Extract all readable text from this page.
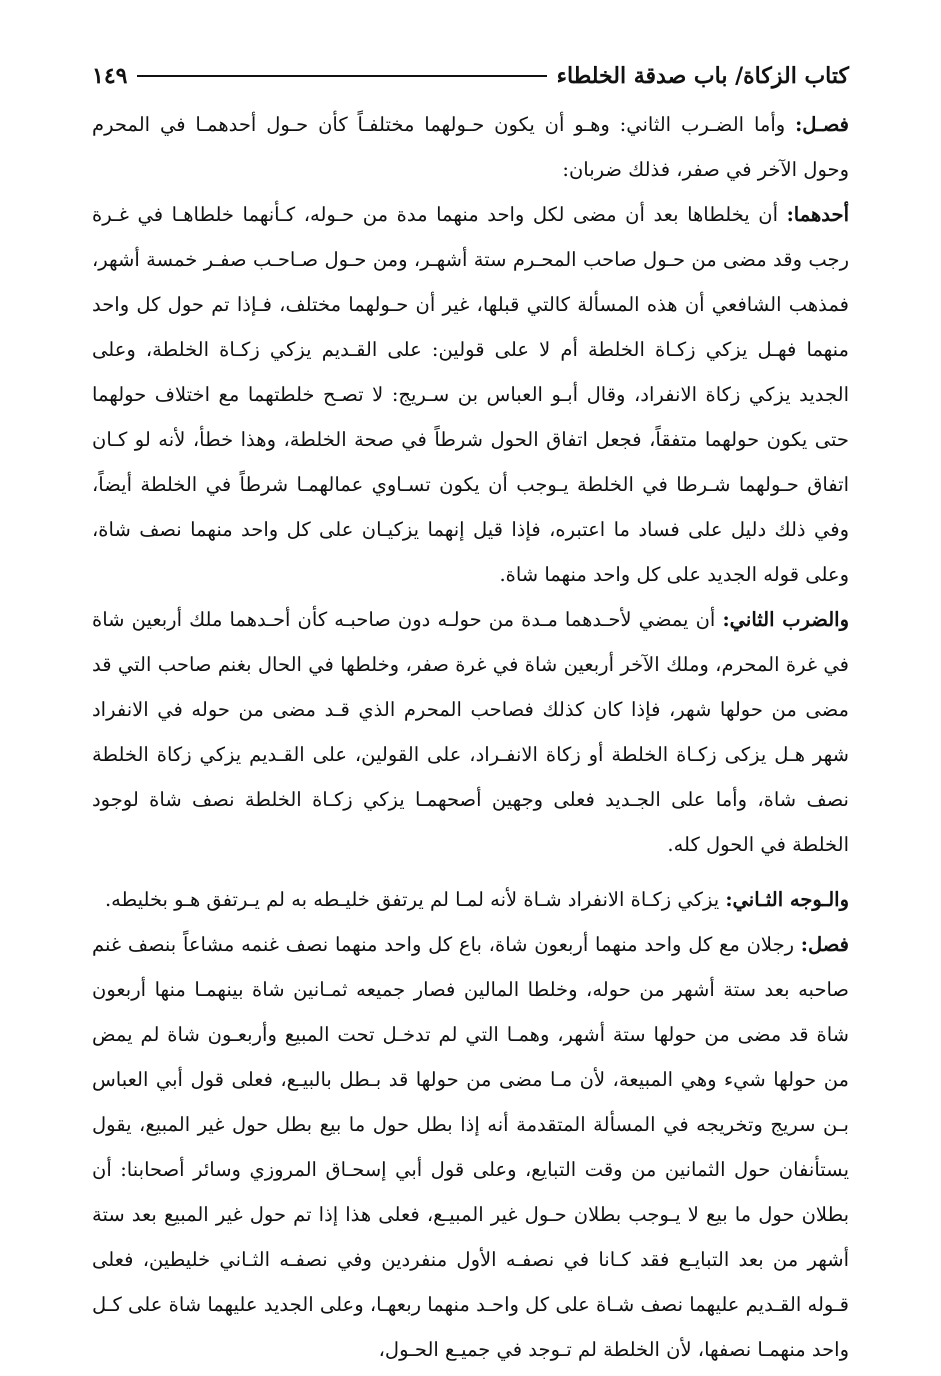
كتاب الزكاة/ باب صدقة الخلطاء
١٤٩

فصـل: وأما الضـرب الثاني: وهـو أن يكون حـولهما مختلفـاً كأن حـول أحدهمـا في المحرم وحول الآخر في صفر، فذلك ضربان:

أحدهما: أن يخلطاها بعد أن مضى لكل واحد منهما مدة من حـوله، كـأنهما خلطاهـا في غـرة رجب وقد مضى من حـول صاحب المحـرم ستة أشهـر، ومن حـول صـاحـب صفـر خمسة أشهر، فمذهب الشافعي أن هذه المسألة كالتي قبلها، غير أن حـولهما مختلف، فـإذا تم حول كل واحد منهما فهـل يزكي زكـاة الخلطة أم لا على قولين: على القـديم يزكي زكـاة الخلطة، وعلى الجديد يزكي زكاة الانفراد، وقال أبـو العباس بن سـريج: لا تصـح خلطتهما مع اختلاف حولهما حتى يكون حولهما متفقاً، فجعل اتفاق الحول شرطاً في صحة الخلطة، وهذا خطأ، لأنه لو كـان اتفاق حـولهما شـرطا في الخلطة يـوجب أن يكون تسـاوي عمالهمـا شرطاً في الخلطة أيضاً، وفي ذلك دليل على فساد ما اعتبره، فإذا قيل إنهما يزكيـان على كل واحد منهما نصف شاة، وعلى قوله الجديد على كل واحد منهما شاة.

والضرب الثاني: أن يمضي لأحـدهما مـدة من حولـه دون صاحبـه كأن أحـدهما ملك أربعين شاة في غرة المحرم، وملك الآخر أربعين شاة في غرة صفر، وخلطها في الحال بغنم صاحب التي قد مضى من حولها شهر، فإذا كان كذلك فصاحب المحرم الذي قـد مضى من حوله في الانفراد شهر هـل يزكى زكـاة الخلطة أو زكاة الانفـراد، على القولين، على القـديم يزكي زكاة الخلطة نصف شاة، وأما على الجـديد فعلى وجهين أصحهمـا يزكي زكـاة الخلطة نصف شاة لوجود الخلطة في الحول كله.

والـوجه الثـاني: يزكي زكـاة الانفراد شـاة لأنه لمـا لم يرتفق خليـطه به لم يـرتفق هـو بخليطه.

فصل: رجلان مع كل واحد منهما أربعون شاة، باع كل واحد منهما نصف غنمه مشاعاً بنصف غنم صاحبه بعد ستة أشهر من حوله، وخلطا المالين فصار جميعه ثمـانين شاة بينهمـا منها أربعون شاة قد مضى من حولها ستة أشهر، وهمـا التي لم تدخـل تحت المبيع وأربعـون شاة لم يمض من حولها شيء وهي المبيعة، لأن مـا مضى من حولها قد بـطل بالبيـع، فعلى قول أبي العباس بـن سريج وتخريجه في المسألة المتقدمة أنه إذا بطل حول ما بيع بطل حول غير المبيع، يقول يستأنفان حول الثمانين من وقت التبايع، وعلى قول أبي إسحـاق المروزي وسائر أصحابنا: أن بطلان حول ما بيع لا يـوجب بطلان حـول غير المبيـع، فعلى هذا إذا تم حول غير المبيع بعد ستة أشهر من بعد التبايـع فقد كـانا في نصفـه الأول منفردين وفي نصفـه الثـاني خليطين، فعلى قـوله القـديم عليهما نصف شـاة على كل واحـد منهما ربعهـا، وعلى الجديد عليهما شاة على كـل واحد منهمـا نصفها، لأن الخلطة لم تـوجد في جميـع الحـول،
